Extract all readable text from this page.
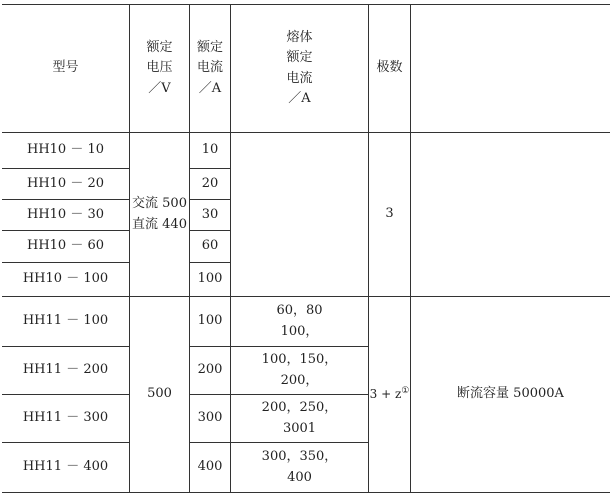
型号
额定
电压
／V
额定
电流
／A
熔体
额定
电流
／A
极数
HH10 － 10
HH10 － 20
HH10 － 30
HH10 － 60
HH10 － 100
交流 500
直流 440
10
20
30
60
100
3
HH11 － 100
HH11 － 200
HH11 － 300
HH11 － 400
500
100
200
300
400
60，80
100，
100，150，
200，
200，250，
3001
300，350，
400
3 + z①	断流容量 50000A
